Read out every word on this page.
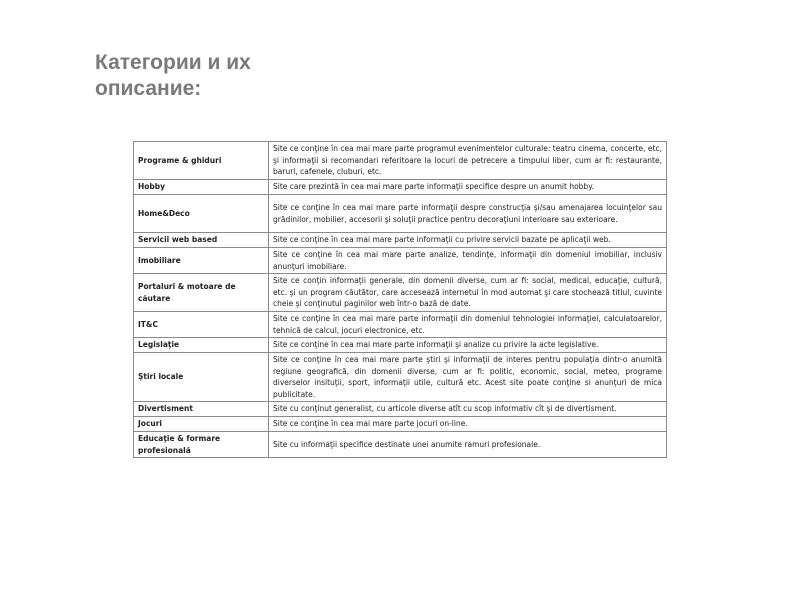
Категории и их
описание:
Programe & ghiduri	Site ce conţine în cea mai mare parte programul evenimentelor culturale: teatru cinema, concerte, etc, şi informaţii si recomandari referitoare la locuri de petrecere a timpului liber, cum ar fi: restaurante, baruri, cafenele, cluburi, etc.
Hobby	Site care prezintă în cea mai mare parte informaţii specifice despre un anumit hobby.
Home&Deco	Site ce conţine în cea mai mare parte informaţii despre construcţia şi/sau amenajarea locuinţelor sau grădinilor, mobilier, accesorii şi soluţii practice pentru decoraţiuni interioare sau exterioare.
Servicii web based	Site ce conţine în cea mai mare parte informaţii cu privire servicii bazate pe aplicaţii web.
Imobiliare	Site ce conţine în cea mai mare parte analize, tendinţe, informaţii din domeniul imobiliar, inclusiv anunţuri imobiliare.
Portaluri & motoare de căutare	Site ce conţin informaţii generale, din domenii diverse, cum ar fi: social, medical, educaţie, cultură, etc. şi un program căutător, care accesează internetul în mod automat şi care stochează titlul, cuvinte cheie şi conţinutul paginilor web într-o bază de date.
IT&C	Site ce conţine în cea mai mare parte informaţii din domeniul tehnologiei informaţiei, calculatoarelor, tehnică de calcul, jocuri electronice, etc.
Legislaţie	Site ce conţine în cea mai mare parte informaţii şi analize cu privire la acte legislative.
Ştiri locale	Site ce conţine în cea mai mare parte ştiri şi informaţii de interes pentru populaţia dintr-o anumită regiune geografică, din domenii diverse, cum ar fi: politic, economic, social, meteo, programe diverselor insituţii, sport, informaţii utile, cultură etc. Acest site poate conţine si anunţuri de mica publicitate.
Divertisment	Site cu conţinut generalist, cu articole diverse atît cu scop informativ cît şi de divertisment.
Jocuri	Site ce conţine în cea mai mare parte jocuri on-line.
Educaţie & formare profesională	Site cu informaţii specifice destinate unei anumite ramuri profesionale.
